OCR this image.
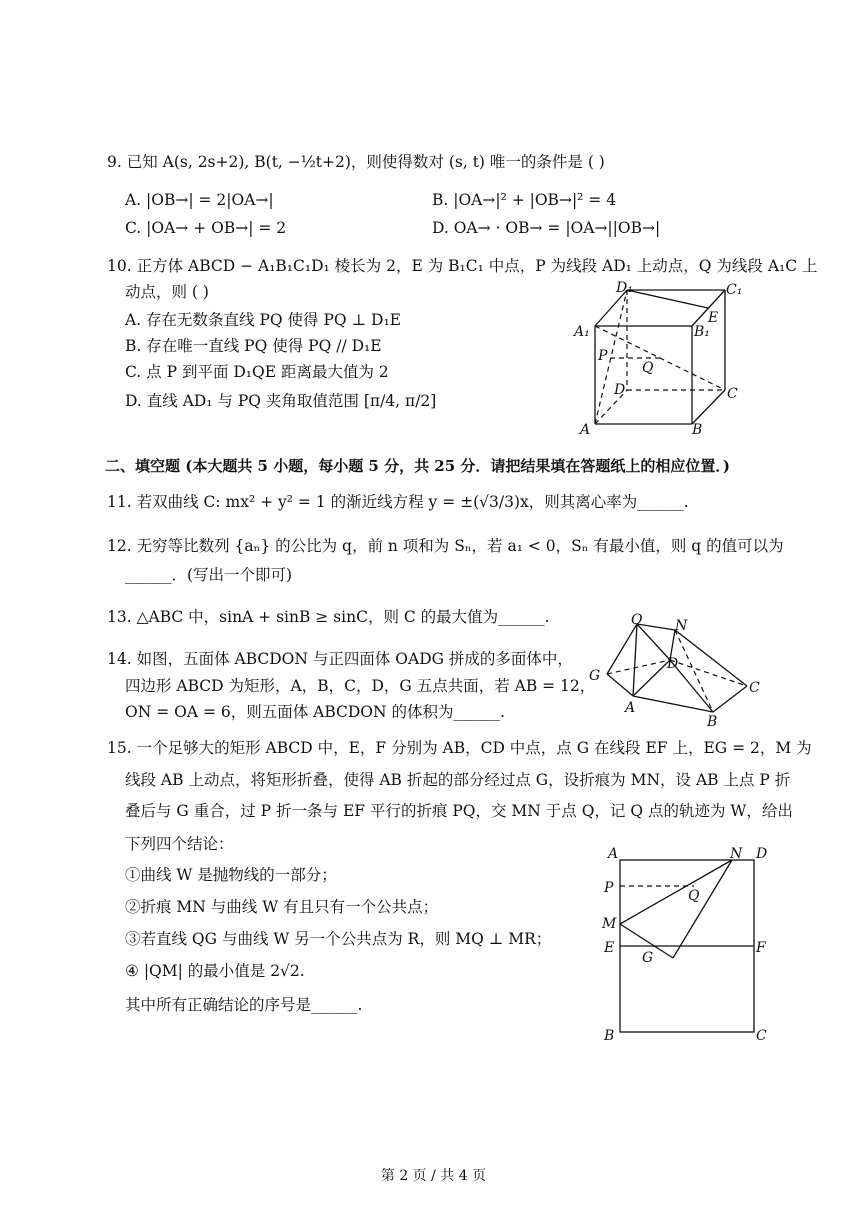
9. 已知 A(s, 2s+2), B(t, −½t+2)，则使得数对 (s, t) 唯一的条件是 ( )
A. |OB→| = 2|OA→|	B. |OA→|² + |OB→|² = 4
C. |OA→ + OB→| = 2	D. OA→ · OB→ = |OA→||OB→|
10. 正方体 ABCD − A₁B₁C₁D₁ 棱长为 2，E 为 B₁C₁ 中点，P 为线段 AD₁ 上动点，Q 为线段 A₁C 上
动点，则 ( )
A. 存在无数条直线 PQ 使得 PQ ⊥ D₁E
B. 存在唯一直线 PQ 使得 PQ // D₁E
C. 点 P 到平面 D₁QE 距离最大值为 2
D. 直线 AD₁ 与 PQ 夹角取值范围 [π/4, π/2]
D₁	C₁
A₁	B₁
E
P
Q
D	C
A	B
二、填空题 (本大题共 5 小题，每小题 5 分，共 25 分．请把结果填在答题纸上的相应位置．)
11. 若双曲线 C: mx² + y² = 1 的渐近线方程 y = ±(√3/3)x，则其离心率为______.
12. 无穷等比数列 {aₙ} 的公比为 q，前 n 项和为 Sₙ，若 a₁ < 0，Sₙ 有最小值，则 q 的值可以为
______．(写出一个即可)
13. △ABC 中，sinA + sinB ≥ sinC，则 C 的最大值为______.
14. 如图，五面体 ABCDON 与正四面体 OADG 拼成的多面体中，
四边形 ABCD 为矩形，A，B，C，D，G 五点共面，若 AB = 12，
ON = OA = 6，则五面体 ABCDON 的体积为______.
O N
D
G
C
A
B
15. 一个足够大的矩形 ABCD 中，E，F 分别为 AB，CD 中点，点 G 在线段 EF 上，EG = 2，M 为
线段 AB 上动点，将矩形折叠，使得 AB 折起的部分经过点 G，设折痕为 MN，设 AB 上点 P 折
叠后与 G 重合，过 P 折一条与 EF 平行的折痕 PQ，交 MN 于点 Q，记 Q 点的轨迹为 W，给出
下列四个结论：
①曲线 W 是抛物线的一部分；
②折痕 MN 与曲线 W 有且只有一个公共点；
③若直线 QG 与曲线 W 另一个公共点为 R，则 MQ ⊥ MR；
④ |QM| 的最小值是 2√2.
其中所有正确结论的序号是______.
A	N D
P	Q
M
E	F
G
B	C
第 2 页 / 共 4 页
